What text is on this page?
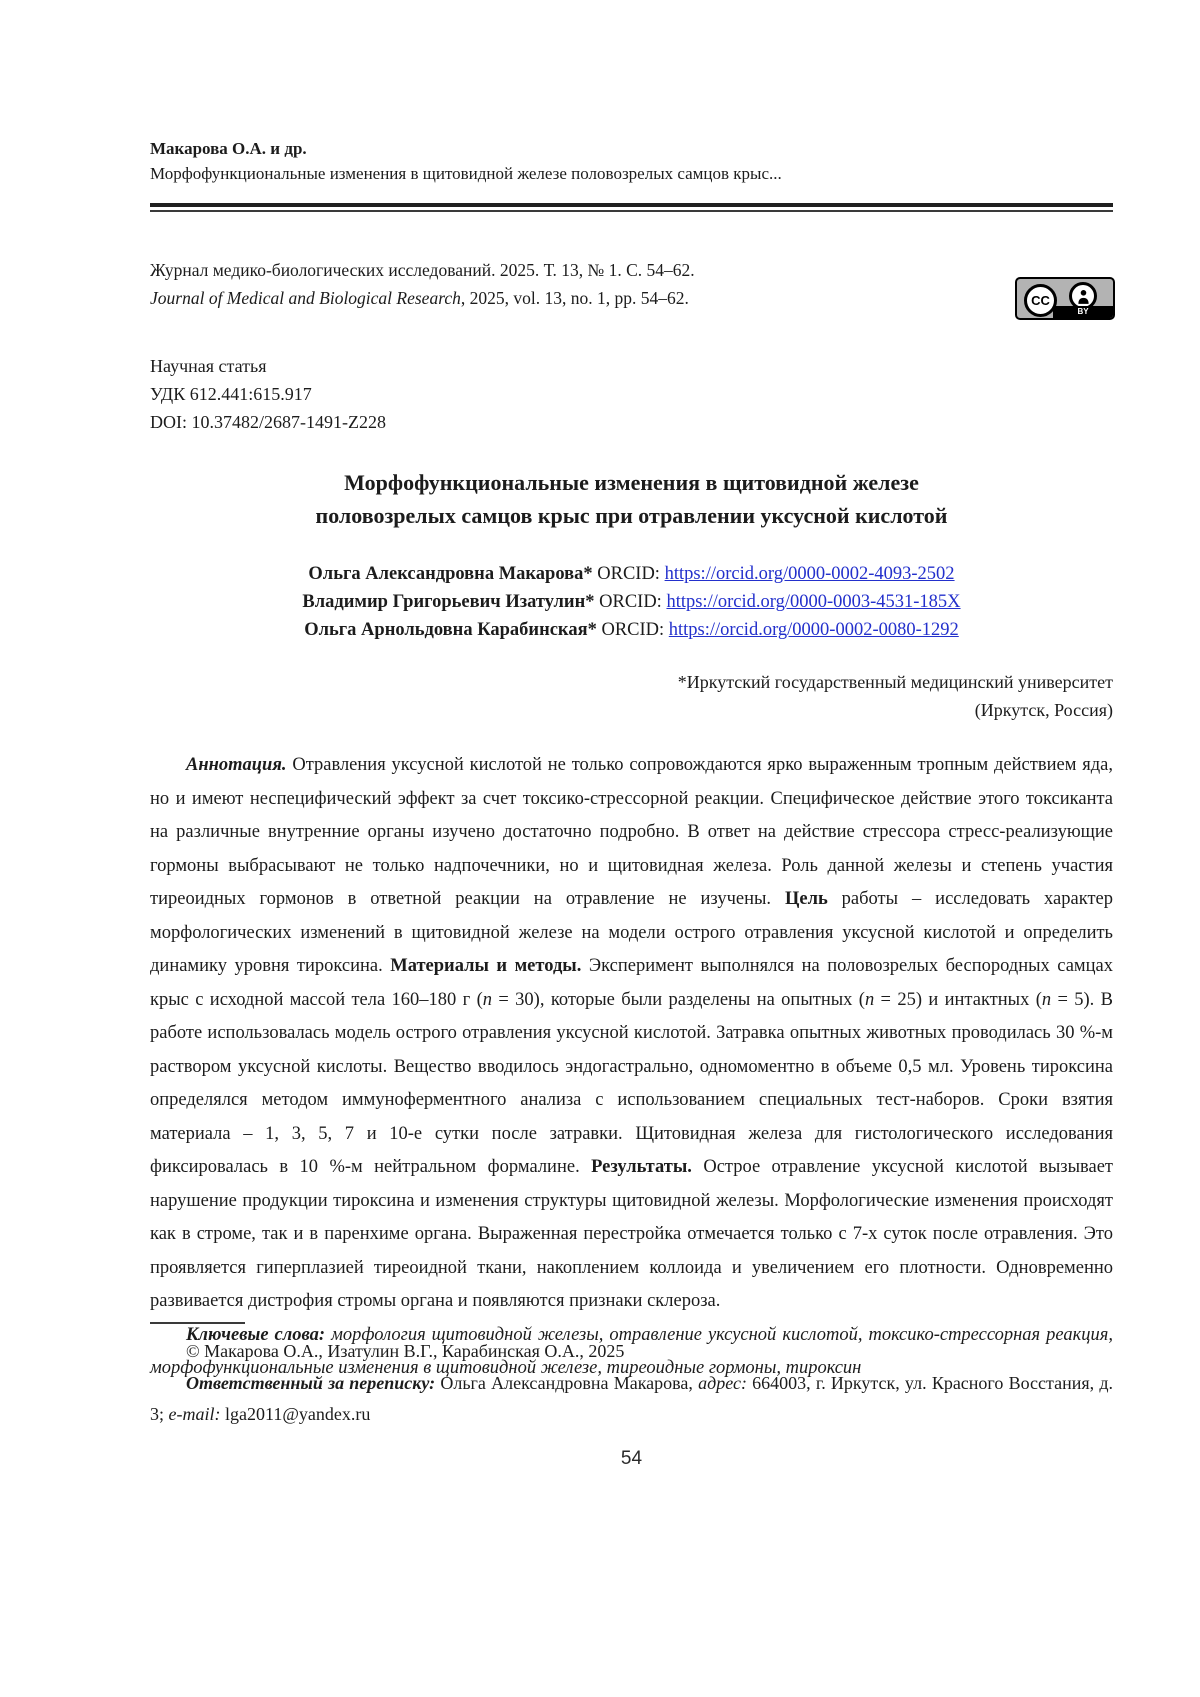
Макарова О.А. и др.
Морфофункциональные изменения в щитовидной железе половозрелых самцов крыс...
Журнал медико-биологических исследований. 2025. Т. 13, № 1. С. 54–62.
Journal of Medical and Biological Research, 2025, vol. 13, no. 1, pp. 54–62.	CC
BY
Научная статья
УДК 612.441:615.917
DOI: 10.37482/2687-1491-Z228
Морфофункциональные изменения в щитовидной железе
половозрелых самцов крыс при отравлении уксусной кислотой
Ольга Александровна Макарова* ORCID: https://orcid.org/0000-0002-4093-2502
Владимир Григорьевич Изатулин* ORCID: https://orcid.org/0000-0003-4531-185X
Ольга Арнольдовна Карабинская* ORCID: https://orcid.org/0000-0002-0080-1292
*Иркутский государственный медицинский университет
(Иркутск, Россия)

Аннотация. Отравления уксусной кислотой не только сопровождаются ярко выраженным тропным действием яда, но и имеют неспецифический эффект за счет токсико-стрессорной реакции. Специфическое действие этого токсиканта на различные внутренние органы изучено достаточно подробно. В ответ на действие стрессора стресс-реализующие гормоны выбрасывают не только надпочечники, но и щитовидная железа. Роль данной железы и степень участия тиреоидных гормонов в ответной реакции на отравление не изучены. Цель работы – исследовать характер морфологических изменений в щитовидной железе на модели острого отравления уксусной кислотой и определить динамику уровня тироксина. Материалы и методы. Эксперимент выполнялся на половозрелых беспородных самцах крыс с исходной массой тела 160–180 г (n = 30), которые были разделены на опытных (n = 25) и интактных (n = 5). В работе использовалась модель острого отравления уксусной кислотой. Затравка опытных животных проводилась 30 %-м раствором уксусной кислоты. Вещество вводилось эндогастрально, одномоментно в объеме 0,5 мл. Уровень тироксина определялся методом иммуноферментного анализа с использованием специальных тест-наборов. Сроки взятия материала – 1, 3, 5, 7 и 10-е сутки после затравки. Щитовидная железа для гистологического исследования фиксировалась в 10 %-м нейтральном формалине. Результаты. Острое отравление уксусной кислотой вызывает нарушение продукции тироксина и изменения структуры щитовидной железы. Морфологические изменения происходят как в строме, так и в паренхиме органа. Выраженная перестройка отмечается только с 7-х суток после отравления. Это проявляется гиперплазией тиреоидной ткани, накоплением коллоида и увеличением его плотности. Одновременно развивается дистрофия стромы органа и появляются признаки склероза.

Ключевые слова: морфология щитовидной железы, отравление уксусной кислотой, токсико-стрессорная реакция, морфофункциональные изменения в щитовидной железе, тиреоидные гормоны, тироксин

© Макарова О.А., Изатулин В.Г., Карабинская О.А., 2025

Ответственный за переписку: Ольга Александровна Макарова, адрес: 664003, г. Иркутск, ул. Красного Восстания, д. 3; e-mail: lga2011@yandex.ru

54
